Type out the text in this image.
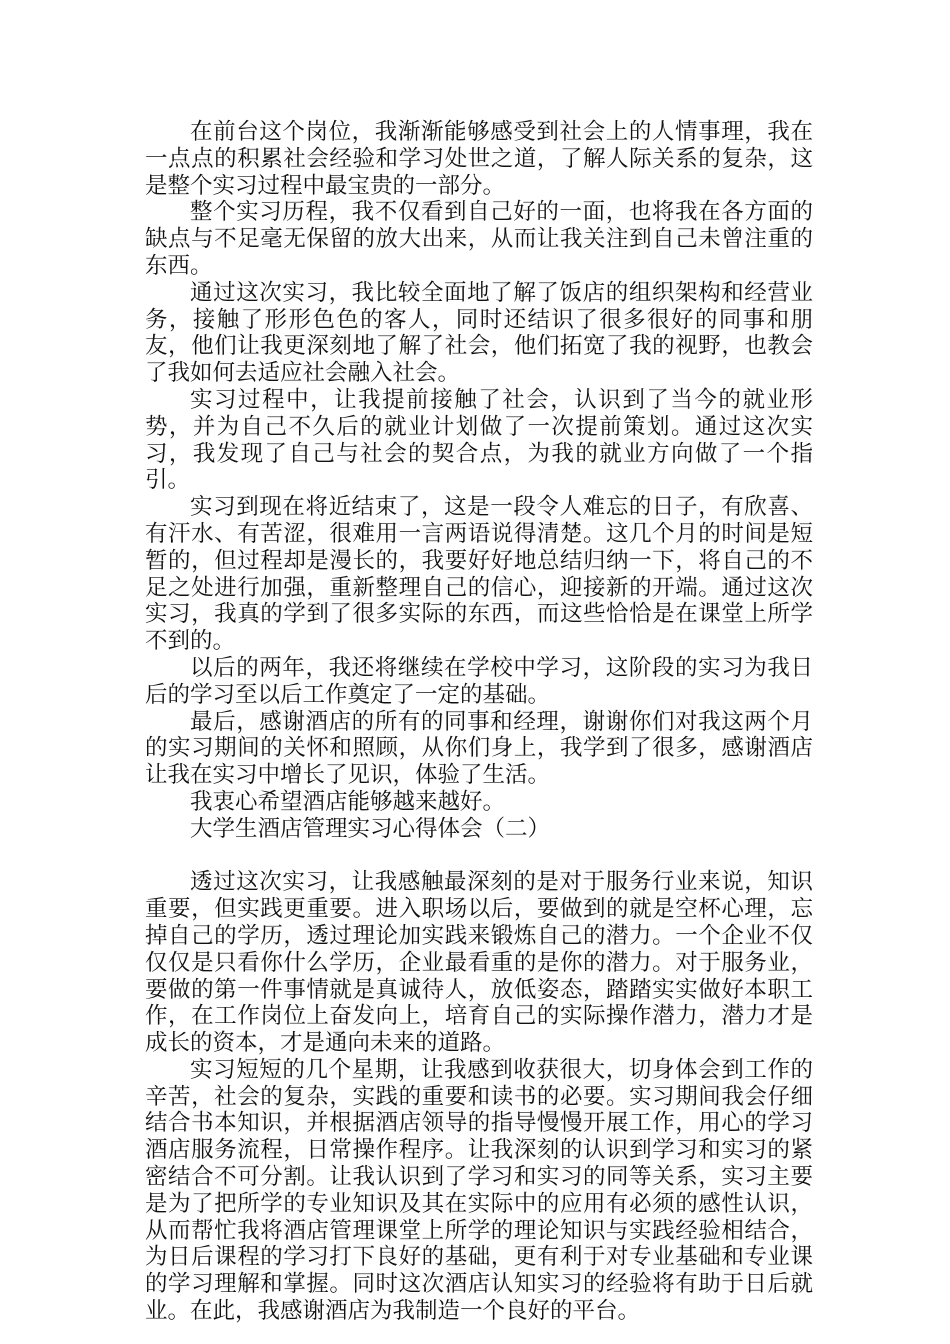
在前台这个岗位，我渐渐能够感受到社会上的人情事理，我在一点点的积累社会经验和学习处世之道，了解人际关系的复杂，这是整个实习过程中最宝贵的一部分。

整个实习历程，我不仅看到自己好的一面，也将我在各方面的缺点与不足毫无保留的放大出来，从而让我关注到自己未曾注重的东西。

通过这次实习，我比较全面地了解了饭店的组织架构和经营业务，接触了形形色色的客人，同时还结识了很多很好的同事和朋友，他们让我更深刻地了解了社会，他们拓宽了我的视野，也教会了我如何去适应社会融入社会。

实习过程中，让我提前接触了社会，认识到了当今的就业形势，并为自己不久后的就业计划做了一次提前策划。通过这次实习，我发现了自己与社会的契合点，为我的就业方向做了一个指引。

实习到现在将近结束了，这是一段令人难忘的日子，有欣喜、有汗水、有苦涩，很难用一言两语说得清楚。这几个月的时间是短暂的，但过程却是漫长的，我要好好地总结归纳一下，将自己的不足之处进行加强，重新整理自己的信心，迎接新的开端。通过这次实习，我真的学到了很多实际的东西，而这些恰恰是在课堂上所学不到的。

以后的两年，我还将继续在学校中学习，这阶段的实习为我日后的学习至以后工作奠定了一定的基础。

最后，感谢酒店的所有的同事和经理，谢谢你们对我这两个月的实习期间的关怀和照顾，从你们身上，我学到了很多，感谢酒店让我在实习中增长了见识，体验了生活。

我衷心希望酒店能够越来越好。

大学生酒店管理实习心得体会（二）

透过这次实习，让我感触最深刻的是对于服务行业来说，知识重要，但实践更重要。进入职场以后，要做到的就是空杯心理，忘掉自己的学历，透过理论加实践来锻炼自己的潜力。一个企业不仅仅仅是只看你什么学历，企业最看重的是你的潜力。对于服务业，要做的第一件事情就是真诚待人，放低姿态，踏踏实实做好本职工作，在工作岗位上奋发向上，培育自己的实际操作潜力，潜力才是成长的资本，才是通向未来的道路。

实习短短的几个星期，让我感到收获很大，切身体会到工作的辛苦，社会的复杂，实践的重要和读书的必要。实习期间我会仔细结合书本知识，并根据酒店领导的指导慢慢开展工作，用心的学习酒店服务流程，日常操作程序。让我深刻的认识到学习和实习的紧密结合不可分割。让我认识到了学习和实习的同等关系，实习主要是为了把所学的专业知识及其在实际中的应用有必须的感性认识，从而帮忙我将酒店管理课堂上所学的理论知识与实践经验相结合，为日后课程的学习打下良好的基础，更有利于对专业基础和专业课的学习理解和掌握。同时这次酒店认知实习的经验将有助于日后就业。在此，我感谢酒店为我制造一个良好的平台。
